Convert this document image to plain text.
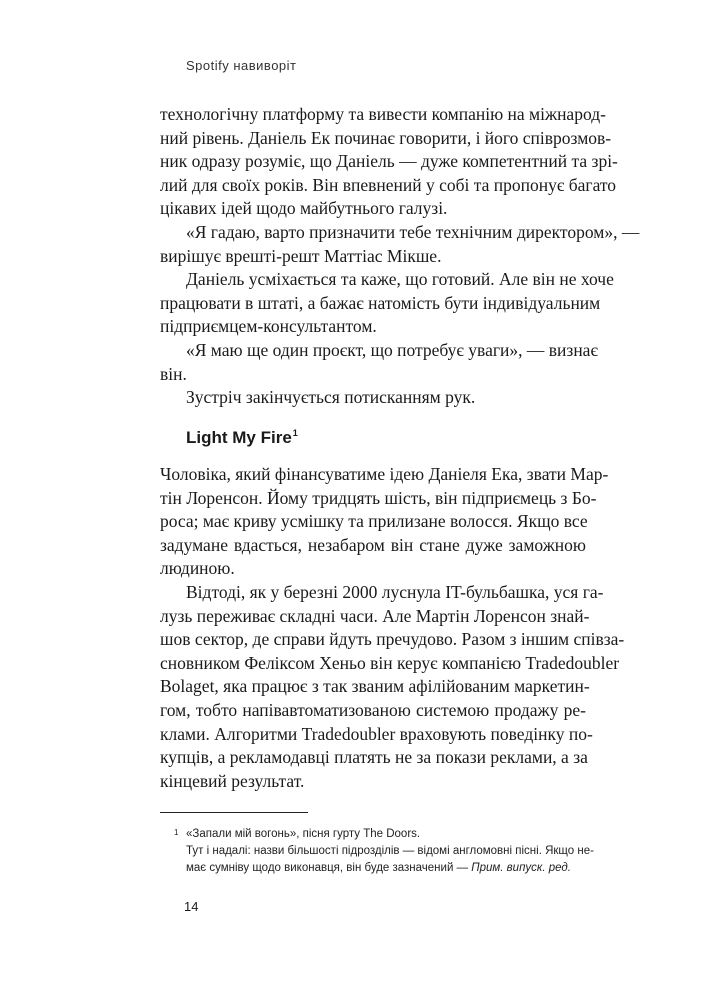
Spotify навиворіт
технологічну платформу та вивести компанію на міжнарод-
ний рівень. Даніель Ек починає говорити, і його співрозмов-
ник одразу розуміє, що Даніель — дуже компетентний та зрі-
лий для своїх років. Він впевнений у собі та пропонує багато
цікавих ідей щодо майбутнього галузі.
«Я гадаю, варто призначити тебе технічним директором», —
вирішує врешті-решт Маттіас Мікше.
Даніель усміхається та каже, що готовий. Але він не хоче
працювати в штаті, а бажає натомість бути індивідуальним
підприємцем-консультантом.
«Я маю ще один проєкт, що потребує уваги», — визнає
він.
Зустріч закінчується потисканням рук.
Light My Fire$^1$
Чоловіка, який фінансуватиме ідею Даніеля Ека, звати Мар-
тін Лоренсон. Йому тридцять шість, він підприємець з Бо-
роса; має криву усмішку та прилизане волосся. Якщо все
задумане вдасться, незабаром він стане дуже заможною
людиною.
Відтоді, як у березні 2000 луснула IT-бульбашка, уся га-
лузь переживає складні часи. Але Мартін Лоренсон знай-
шов сектор, де справи йдуть пречудово. Разом з іншим співза-
сновником Феліксом Хеньо він керує компанією Tradedoubler
Bolaget, яка працює з так званим афілійованим маркетин-
гом, тобто напівавтоматизованою системою продажу ре-
клами. Алгоритми Tradedoubler враховують поведінку по-
купців, а рекламодавці платять не за покази реклами, а за
кінцевий результат.
1 «Запали мій вогонь», пісня гурту The Doors.
Тут і надалі: назви більшості підрозділів — відомі англомовні пісні. Якщо не-
має сумніву щодо виконавця, він буде зазначений — Прим. випуск. ред.
14
